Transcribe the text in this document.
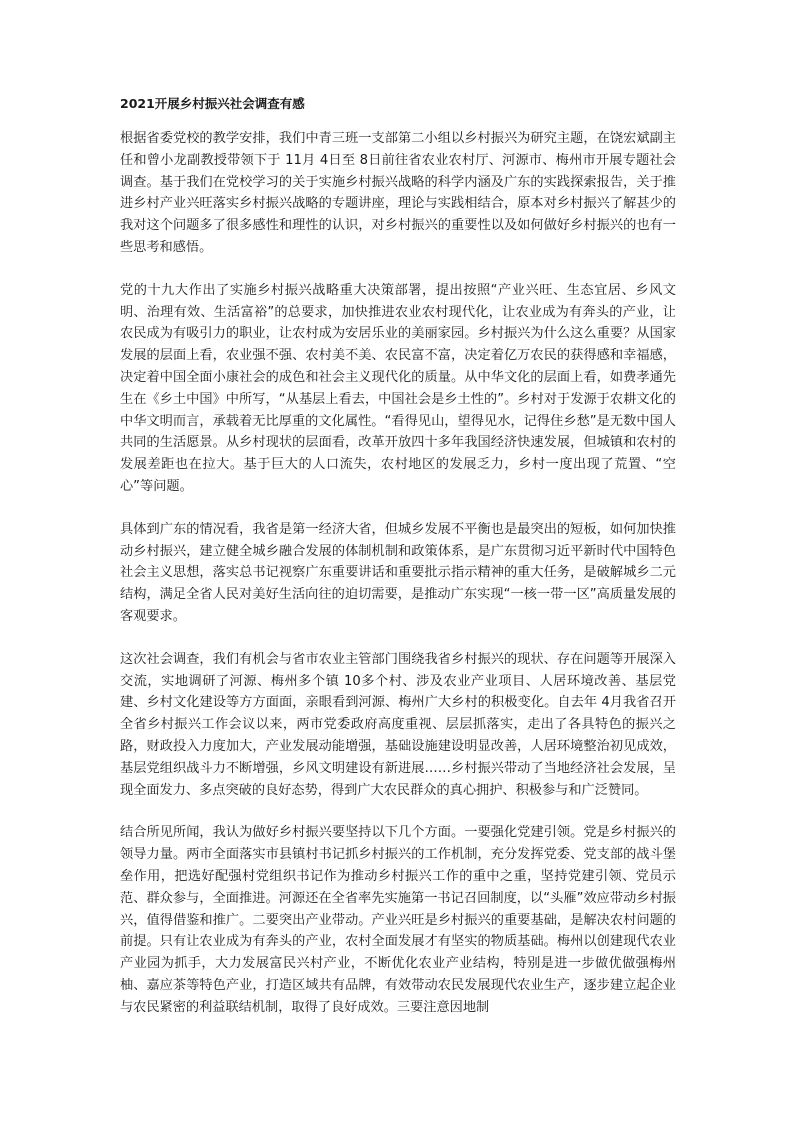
2021开展乡村振兴社会调查有感

根据省委党校的教学安排，我们中青三班一支部第二小组以乡村振兴为研究主题，在饶宏斌副主任和曾小龙副教授带领下于 11月 4日至 8日前往省农业农村厅、河源市、梅州市开展专题社会调查。基于我们在党校学习的关于实施乡村振兴战略的科学内涵及广东的实践探索报告，关于推进乡村产业兴旺落实乡村振兴战略的专题讲座，理论与实践相结合，原本对乡村振兴了解甚少的我对这个问题多了很多感性和理性的认识，对乡村振兴的重要性以及如何做好乡村振兴的也有一些思考和感悟。

党的十九大作出了实施乡村振兴战略重大决策部署，提出按照“产业兴旺、生态宜居、乡风文明、治理有效、生活富裕”的总要求，加快推进农业农村现代化，让农业成为有奔头的产业，让农民成为有吸引力的职业，让农村成为安居乐业的美丽家园。乡村振兴为什么这么重要？从国家发展的层面上看，农业强不强、农村美不美、农民富不富，决定着亿万农民的获得感和幸福感，决定着中国全面小康社会的成色和社会主义现代化的质量。从中华文化的层面上看，如费孝通先生在《乡土中国》中所写，“从基层上看去，中国社会是乡土性的”。乡村对于发源于农耕文化的中华文明而言，承载着无比厚重的文化属性。“看得见山，望得见水，记得住乡愁”是无数中国人共同的生活愿景。从乡村现状的层面看，改革开放四十多年我国经济快速发展，但城镇和农村的发展差距也在拉大。基于巨大的人口流失，农村地区的发展乏力，乡村一度出现了荒置、“空心”等问题。

具体到广东的情况看，我省是第一经济大省，但城乡发展不平衡也是最突出的短板，如何加快推动乡村振兴，建立健全城乡融合发展的体制机制和政策体系，是广东贯彻习近平新时代中国特色社会主义思想，落实总书记视察广东重要讲话和重要批示指示精神的重大任务，是破解城乡二元结构，满足全省人民对美好生活向往的迫切需要，是推动广东实现“一核一带一区”高质量发展的客观要求。

这次社会调查，我们有机会与省市农业主管部门围绕我省乡村振兴的现状、存在问题等开展深入交流，实地调研了河源、梅州多个镇 10多个村、涉及农业产业项目、人居环境改善、基层党建、乡村文化建设等方方面面，亲眼看到河源、梅州广大乡村的积极变化。自去年 4月我省召开全省乡村振兴工作会议以来，两市党委政府高度重视、层层抓落实，走出了各具特色的振兴之路，财政投入力度加大，产业发展动能增强，基础设施建设明显改善，人居环境整治初见成效，基层党组织战斗力不断增强，乡风文明建设有新进展……乡村振兴带动了当地经济社会发展，呈现全面发力、多点突破的良好态势，得到广大农民群众的真心拥护、积极参与和广泛赞同。

结合所见所闻，我认为做好乡村振兴要坚持以下几个方面。一要强化党建引领。党是乡村振兴的领导力量。两市全面落实市县镇村书记抓乡村振兴的工作机制，充分发挥党委、党支部的战斗堡垒作用，把选好配强村党组织书记作为推动乡村振兴工作的重中之重，坚持党建引领、党员示范、群众参与，全面推进。河源还在全省率先实施第一书记召回制度，以“头雁”效应带动乡村振兴，值得借鉴和推广。二要突出产业带动。产业兴旺是乡村振兴的重要基础，是解决农村问题的前提。只有让农业成为有奔头的产业，农村全面发展才有坚实的物质基础。梅州以创建现代农业产业园为抓手，大力发展富民兴村产业，不断优化农业产业结构，特别是进一步做优做强梅州柚、嘉应茶等特色产业，打造区域共有品牌，有效带动农民发展现代农业生产，逐步建立起企业与农民紧密的利益联结机制，取得了良好成效。三要注意因地制
